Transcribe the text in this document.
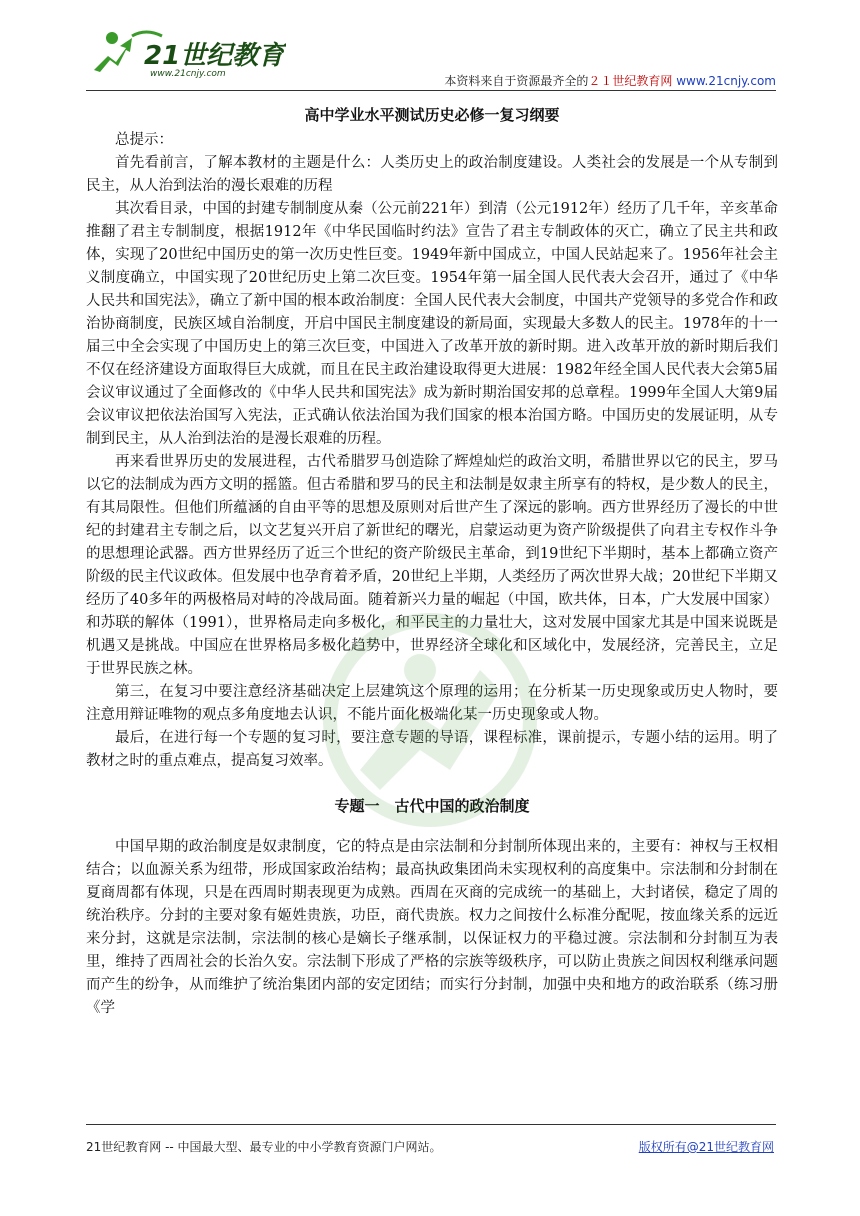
21世纪教育
www.21cnjy.com	本资料来自于资源最齐全的２１世纪教育网 www.21cnjy.com

高中学业水平测试历史必修一复习纲要

总提示：

首先看前言，了解本教材的主题是什么：人类历史上的政治制度建设。人类社会的发展是一个从专制到民主，从人治到法治的漫长艰难的历程

其次看目录，中国的封建专制制度从秦（公元前221年）到清（公元1912年）经历了几千年，辛亥革命推翻了君主专制制度，根据1912年《中华民国临时约法》宣告了君主专制政体的灭亡，确立了民主共和政体，实现了20世纪中国历史的第一次历史性巨变。1949年新中国成立，中国人民站起来了。1956年社会主义制度确立，中国实现了20世纪历史上第二次巨变。1954年第一届全国人民代表大会召开，通过了《中华人民共和国宪法》，确立了新中国的根本政治制度：全国人民代表大会制度，中国共产党领导的多党合作和政治协商制度，民族区域自治制度，开启中国民主制度建设的新局面，实现最大多数人的民主。1978年的十一届三中全会实现了中国历史上的第三次巨变，中国进入了改革开放的新时期。进入改革开放的新时期后我们不仅在经济建设方面取得巨大成就，而且在民主政治建设取得更大进展：1982年经全国人民代表大会第5届会议审议通过了全面修改的《中华人民共和国宪法》成为新时期治国安邦的总章程。1999年全国人大第9届会议审议把依法治国写入宪法，正式确认依法治国为我们国家的根本治国方略。中国历史的发展证明，从专制到民主，从人治到法治的是漫长艰难的历程。

再来看世界历史的发展进程，古代希腊罗马创造除了辉煌灿烂的政治文明，希腊世界以它的民主，罗马以它的法制成为西方文明的摇篮。但古希腊和罗马的民主和法制是奴隶主所享有的特权，是少数人的民主，有其局限性。但他们所蕴涵的自由平等的思想及原则对后世产生了深远的影响。西方世界经历了漫长的中世纪的封建君主专制之后，以文艺复兴开启了新世纪的曙光，启蒙运动更为资产阶级提供了向君主专权作斗争的思想理论武器。西方世界经历了近三个世纪的资产阶级民主革命，到19世纪下半期时，基本上都确立资产阶级的民主代议政体。但发展中也孕育着矛盾，20世纪上半期，人类经历了两次世界大战；20世纪下半期又经历了40多年的两极格局对峙的冷战局面。随着新兴力量的崛起（中国，欧共体，日本，广大发展中国家）和苏联的解体（1991），世界格局走向多极化，和平民主的力量壮大，这对发展中国家尤其是中国来说既是机遇又是挑战。中国应在世界格局多极化趋势中，世界经济全球化和区域化中，发展经济，完善民主，立足于世界民族之林。

第三，在复习中要注意经济基础决定上层建筑这个原理的运用；在分析某一历史现象或历史人物时，要注意用辩证唯物的观点多角度地去认识，不能片面化极端化某一历史现象或人物。

最后，在进行每一个专题的复习时，要注意专题的导语，课程标准，课前提示，专题小结的运用。明了教材之时的重点难点，提高复习效率。

专题一　古代中国的政治制度

中国早期的政治制度是奴隶制度，它的特点是由宗法制和分封制所体现出来的，主要有：神权与王权相结合；以血源关系为纽带，形成国家政治结构；最高执政集团尚未实现权利的高度集中。宗法制和分封制在夏商周都有体现，只是在西周时期表现更为成熟。西周在灭商的完成统一的基础上，大封诸侯，稳定了周的统治秩序。分封的主要对象有姬姓贵族，功臣，商代贵族。权力之间按什么标准分配呢，按血缘关系的远近来分封，这就是宗法制，宗法制的核心是嫡长子继承制，以保证权力的平稳过渡。宗法制和分封制互为表里，维持了西周社会的长治久安。宗法制下形成了严格的宗族等级秩序，可以防止贵族之间因权利继承问题而产生的纷争，从而维护了统治集团内部的安定团结；而实行分封制，加强中央和地方的政治联系（练习册《学

21世纪教育网 -- 中国最大型、最专业的中小学教育资源门户网站。	版权所有@21世纪教育网
